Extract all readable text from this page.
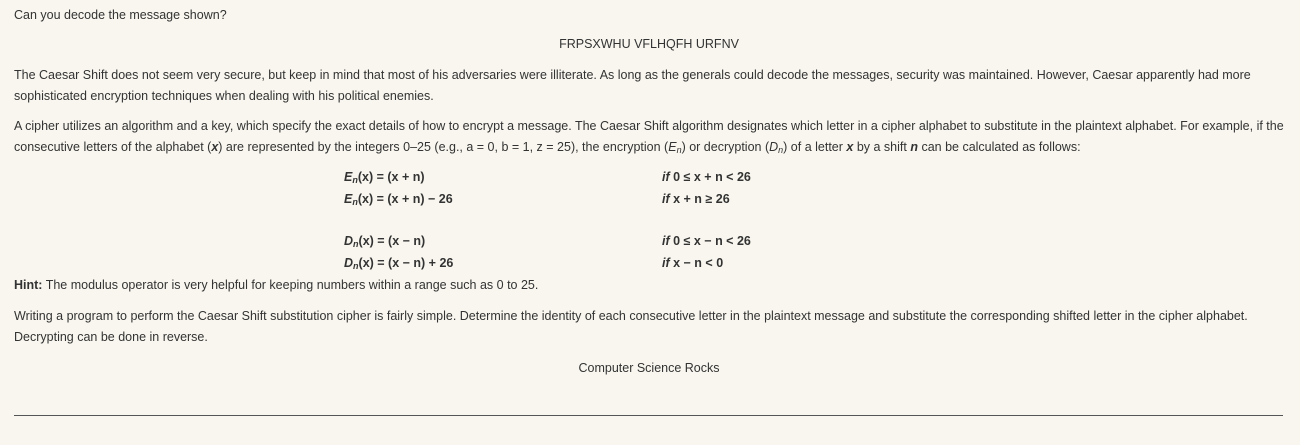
Can you decode the message shown?

FRPSXWHU VFLHQFH URFNV

The Caesar Shift does not seem very secure, but keep in mind that most of his adversaries were illiterate. As long as the generals could decode the messages, security was maintained. However, Caesar apparently had more sophisticated encryption techniques when dealing with his political enemies.

A cipher utilizes an algorithm and a key, which specify the exact details of how to encrypt a message. The Caesar Shift algorithm designates which letter in a cipher alphabet to substitute in the plaintext alphabet. For example, if the consecutive letters of the alphabet (x) are represented by the integers 0–25 (e.g., a = 0, b = 1, z = 25), the encryption $(E_n)$ or decryption $(D_n)$ of a letter x by a shift n can be calculated as follows:

$E_n(x) = (x + n)$	if 0 ≤ x + n < 26
$E_n(x) = (x + n) - 26$	if x + n ≥ 26
$D_n(x) = (x - n)$	if 0 ≤ x − n < 26
$D_n(x) = (x - n) + 26$	if x − n < 0

Hint: The modulus operator is very helpful for keeping numbers within a range such as 0 to 25.

Writing a program to perform the Caesar Shift substitution cipher is fairly simple. Determine the identity of each consecutive letter in the plaintext message and substitute the corresponding shifted letter in the cipher alphabet. Decrypting can be done in reverse.

Computer Science Rocks
